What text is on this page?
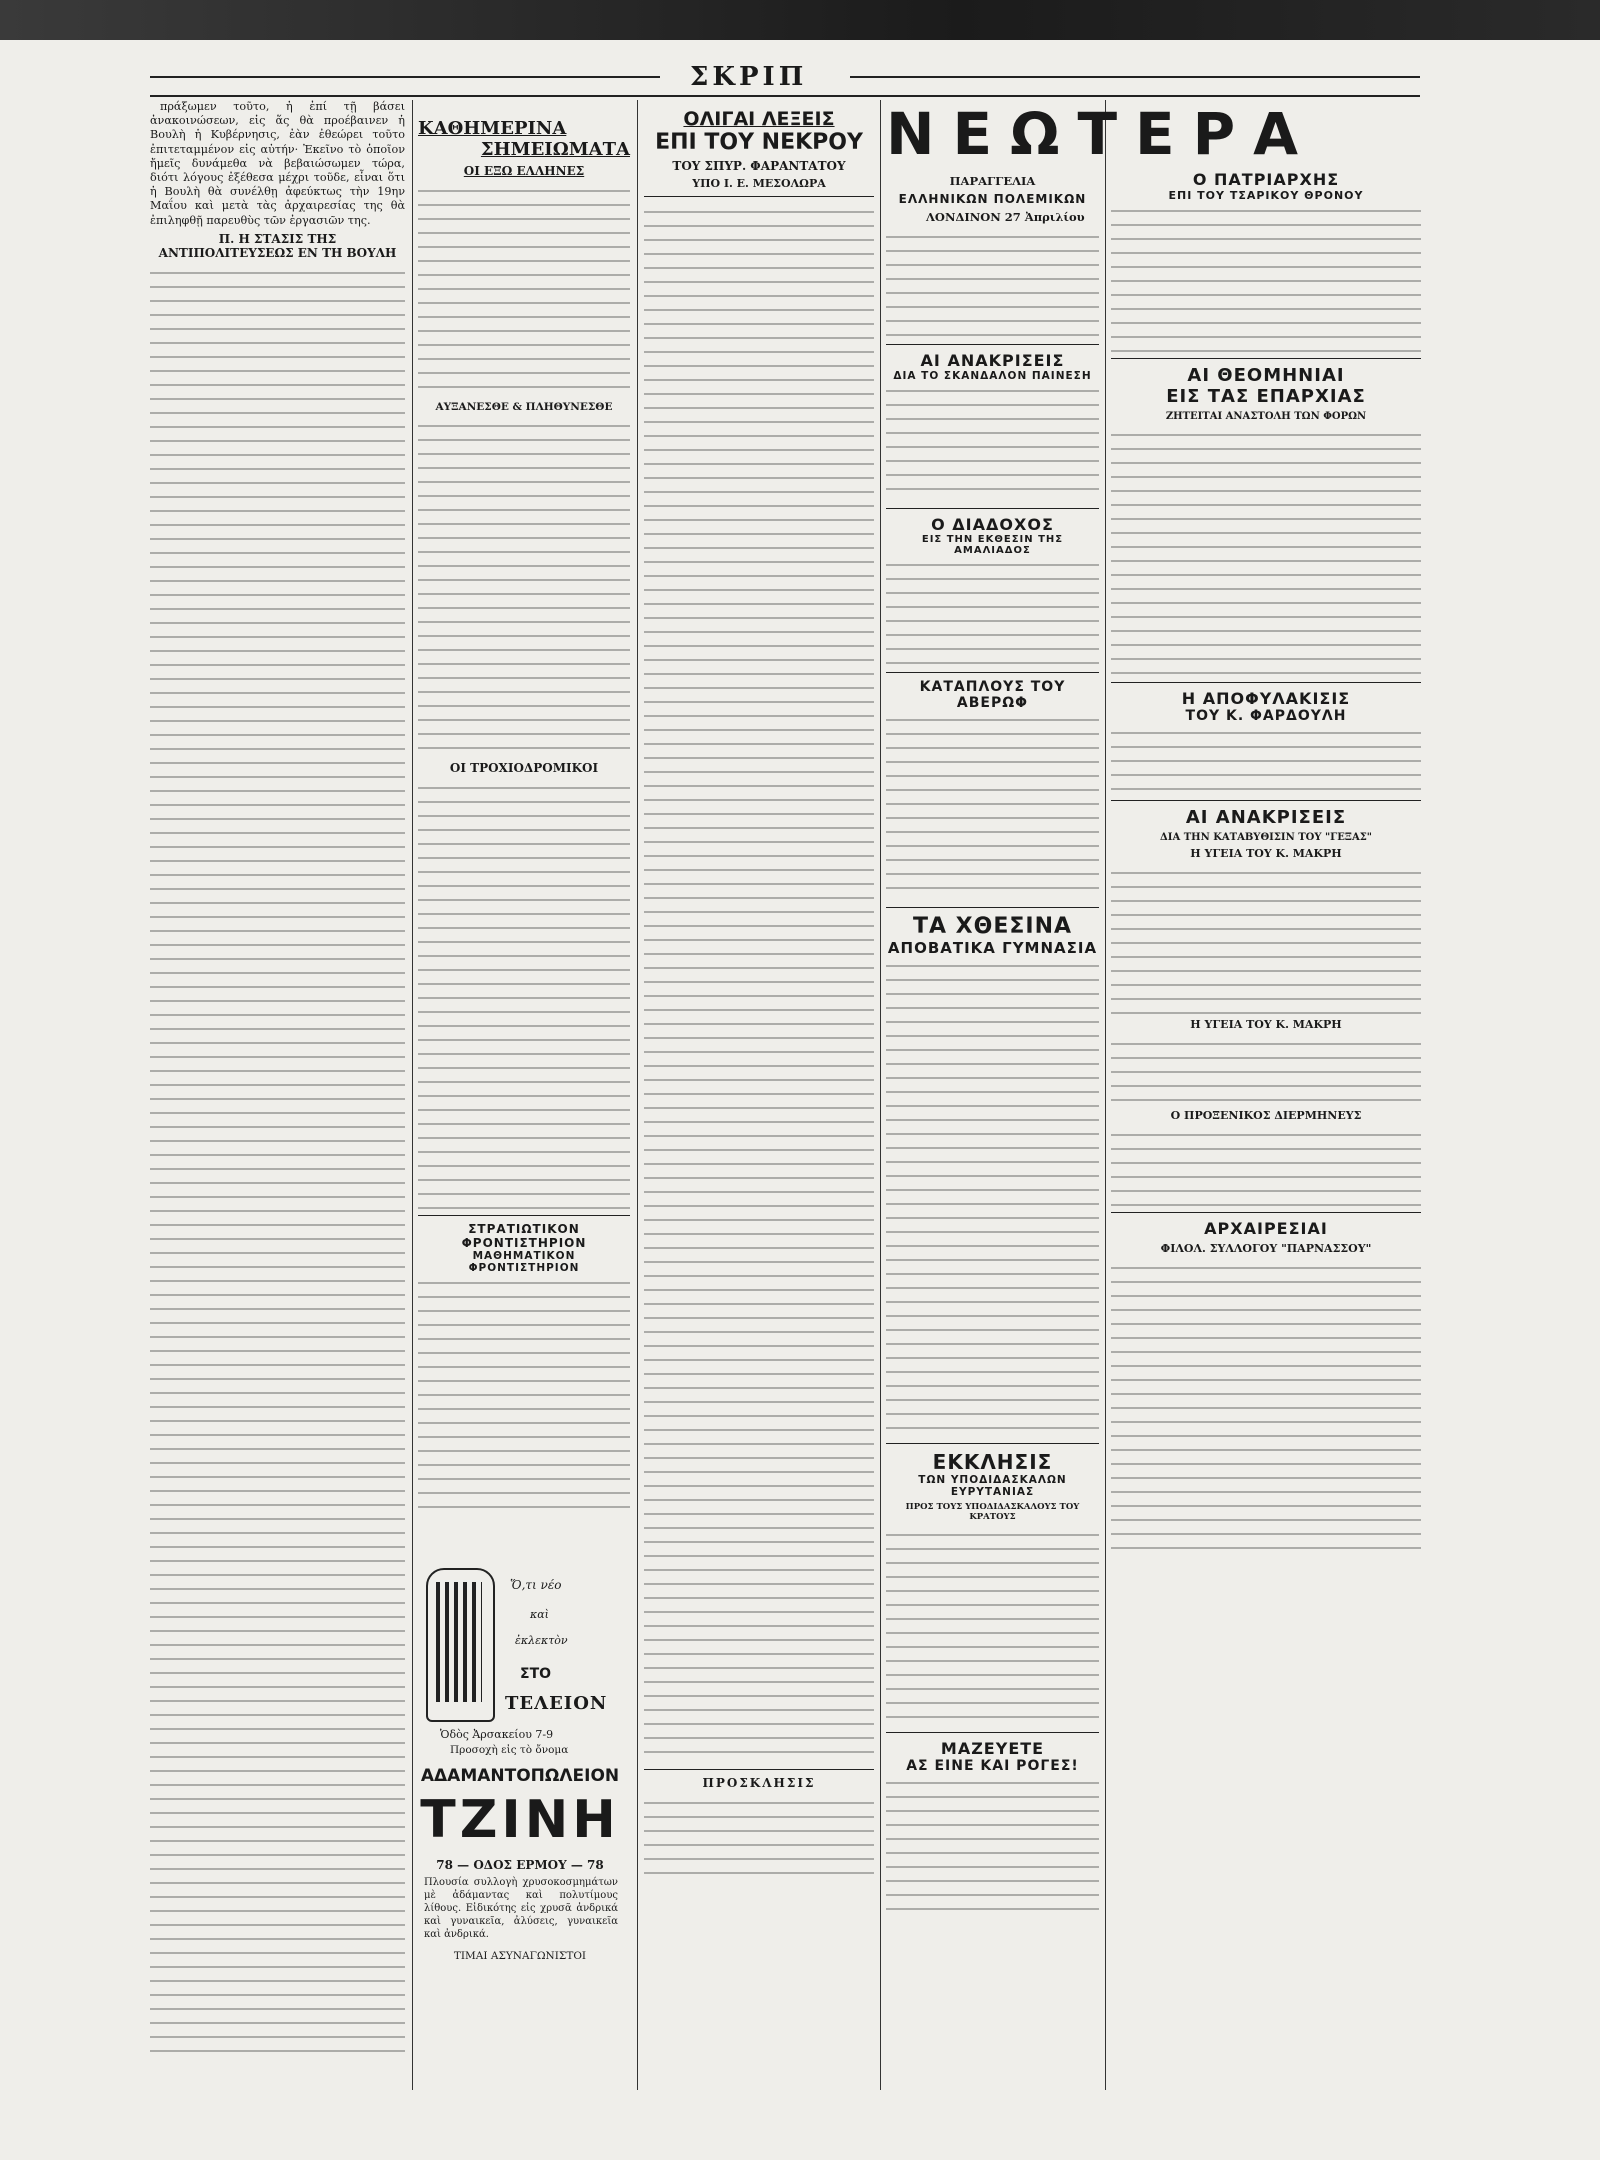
ΣΚΡΙΠ

πράξωμεν τοῦτο, ἡ ἐπί τῇ βάσει ἀνακοινώσεων, εἰς ἅς θὰ προέβαινεν ἡ Βουλὴ ἡ Κυβέρνησις, ἐὰν ἐθεώρει τοῦτο ἐπιτεταμμένον εἰς αὐτήν· Ἐκεῖνο τὸ ὁποῖον ἤμεῖς δυνάμεθα νὰ βεβαιώσωμεν τώρα, διότι λόγους ἐξέθεσα μέχρι τοῦδε, εἶναι ὅτι ἡ Βουλὴ θὰ συνέλθῃ ἀφεύκτως τὴν 19ην Μαΐου καὶ μετὰ τὰς ἀρχαιρεσίας της θὰ ἐπιληφθῇ παρευθὺς τῶν ἐργασιῶν της.

Π. Η ΣΤΑΣΙΣ ΤΗΣ ΑΝΤΙΠΟΛΙΤΕΥΣΕΩΣ ΕΝ ΤΗ ΒΟΥΛΗ
ΚΑΘΗΜΕΡΙΝΑ
ΣΗΜΕΙΩΜΑΤΑ
ΟΙ ΕΞΩ ΕΛΛΗΝΕΣ
ΑΥΞΑΝΕΣΘΕ & ΠΛΗΘΥΝΕΣΘΕ
ΟΙ ΤΡΟΧΙΟΔΡΟΜΙΚΟΙ
ΣΤΡΑΤΙΩΤΙΚΟΝ ΦΡΟΝΤΙΣΤΗΡΙΟΝ
ΜΑΘΗΜΑΤΙΚΟΝ ΦΡΟΝΤΙΣΤΗΡΙΟΝ
ΟΛΙΓΑΙ ΛΕΞΕΙΣ
ΕΠΙ ΤΟΥ ΝΕΚΡΟΥ
ΤΟΥ ΣΠΥΡ. ΦΑΡΑΝΤΑΤΟΥ
ΥΠΟ Ι. Ε. ΜΕΣΟΛΩΡΑ
ΠΡΟΣΚΛΗΣΙΣ
ΝΕΩΤΕΡΑ
ΠΑΡΑΓΓΕΛΙΑ
ΕΛΛΗΝΙΚΩΝ ΠΟΛΕΜΙΚΩΝ
ΛΟΝΔΙΝΟΝ 27 Ἀπριλίου
ΑΙ ΑΝΑΚΡΙΣΕΙΣ
ΔΙΑ ΤΟ ΣΚΑΝΔΑΛΟΝ ΠΑΙΝΕΣΗ
Ο ΔΙΑΔΟΧΟΣ
ΕΙΣ ΤΗΝ ΕΚΘΕΣΙΝ ΤΗΣ ΑΜΑΛΙΑΔΟΣ
ΚΑΤΑΠΛΟΥΣ ΤΟΥ ΑΒΕΡΩΦ
ΤΑ ΧΘΕΣΙΝΑ
ΑΠΟΒΑΤΙΚΑ ΓΥΜΝΑΣΙΑ
ΕΚΚΛΗΣΙΣ
ΤΩΝ ΥΠΟΔΙΔΑΣΚΑΛΩΝ ΕΥΡΥΤΑΝΙΑΣ
ΠΡΟΣ ΤΟΥΣ ΥΠΟΔΙΔΑΣΚΑΛΟΥΣ ΤΟΥ ΚΡΑΤΟΥΣ
ΜΑΖΕΥΕΤΕ
ΑΣ ΕΙΝΕ ΚΑΙ ΡΟΓΕΣ!
Ο ΠΑΤΡΙΑΡΧΗΣ
ΕΠΙ ΤΟΥ ΤΣΑΡΙΚΟΥ ΘΡΟΝΟΥ
ΑΙ ΘΕΟΜΗΝΙΑΙ
ΕΙΣ ΤΑΣ ΕΠΑΡΧΙΑΣ
ΖΗΤΕΙΤΑΙ ΑΝΑΣΤΟΛΗ ΤΩΝ ΦΟΡΩΝ
Η ΑΠΟΦΥΛΑΚΙΣΙΣ
ΤΟΥ Κ. ΦΑΡΔΟΥΛΗ
ΑΙ ΑΝΑΚΡΙΣΕΙΣ
ΔΙΑ ΤΗΝ ΚΑΤΑΒΥΘΙΣΙΝ ΤΟΥ "ΓΕΞΑΣ"
Η ΥΓΕΙΑ ΤΟΥ Κ. ΜΑΚΡΗ
Η ΥΓΕΙΑ ΤΟΥ Κ. ΜΑΚΡΗ
Ο ΠΡΟΞΕΝΙΚΟΣ ΔΙΕΡΜΗΝΕΥΣ
ΑΡΧΑΙΡΕΣΙΑΙ
ΦΙΛΟΛ. ΣΥΛΛΟΓΟΥ "ΠΑΡΝΑΣΣΟΥ"
Ὅ,τι νέο
καὶ
ἐκλεκτὸν
ΣΤΟ
ΤΕΛΕΙΟΝ
Ὁδὸς Ἀρσακείου 7-9
Προσοχὴ εἰς τὸ ὄνομα
ΑΔΑΜΑΝΤΟΠΩΛΕΙΟΝ
ΤΖΙΝΗ
78 — ΟΔΟΣ ΕΡΜΟΥ — 78
Πλουσία συλλογὴ χρυσοκοσμημάτων μὲ ἀδάμαντας καὶ πολυτίμους λίθους. Εἰδικότης εἰς χρυσᾶ ἀνδρικά καὶ γυναικεῖα, ἀλύσεις, γυναικεῖα καὶ ἀνδρικά.
ΤΙΜΑΙ ΑΣΥΝΑΓΩΝΙΣΤΟΙ
